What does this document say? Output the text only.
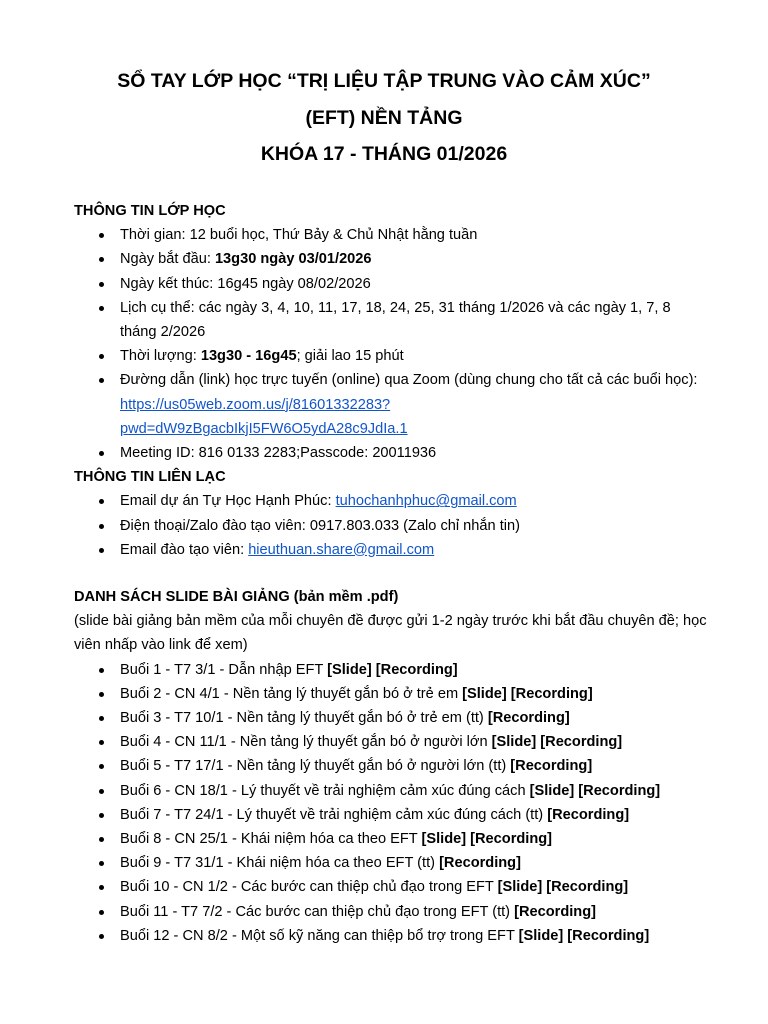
SỔ TAY LỚP HỌC “TRỊ LIỆU TẬP TRUNG VÀO CẢM XÚC”
(EFT) NỀN TẢNG
KHÓA 17 - THÁNG 01/2026
THÔNG TIN LỚP HỌC
Thời gian: 12 buổi học, Thứ Bảy & Chủ Nhật hằng tuần
Ngày bắt đầu: 13g30 ngày 03/01/2026
Ngày kết thúc: 16g45 ngày 08/02/2026
Lịch cụ thể: các ngày 3, 4, 10, 11, 17, 18, 24, 25, 31 tháng 1/2026 và các ngày 1, 7, 8 tháng 2/2026
Thời lượng: 13g30 - 16g45; giải lao 15 phút
Đường dẫn (link) học trực tuyến (online) qua Zoom (dùng chung cho tất cả các buổi học): https://us05web.zoom.us/j/81601332283?
pwd=dW9zBgacbIkjI5FW6O5ydA28c9JdIa.1
Meeting ID: 816 0133 2283;Passcode: 20011936
THÔNG TIN LIÊN LẠC
Email dự án Tự Học Hạnh Phúc: tuhochanhphuc@gmail.com
Điện thoại/Zalo đào tạo viên: 0917.803.033 (Zalo chỉ nhắn tin)
Email đào tạo viên: hieuthuan.share@gmail.com
DANH SÁCH SLIDE BÀI GIẢNG (bản mềm .pdf)
(slide bài giảng bản mềm của mỗi chuyên đề được gửi 1-2 ngày trước khi bắt đầu chuyên đề; học viên nhấp vào link để xem)
Buổi 1 - T7 3/1 - Dẫn nhập EFT [Slide] [Recording]
Buổi 2 - CN 4/1 - Nền tảng lý thuyết gắn bó ở trẻ em [Slide] [Recording]
Buổi 3 - T7 10/1 - Nền tảng lý thuyết gắn bó ở trẻ em (tt) [Recording]
Buổi 4 - CN 11/1 - Nền tảng lý thuyết gắn bó ở người lớn [Slide] [Recording]
Buổi 5 - T7 17/1 - Nền tảng lý thuyết gắn bó ở người lớn (tt) [Recording]
Buổi 6 - CN 18/1 - Lý thuyết về trải nghiệm cảm xúc đúng cách [Slide] [Recording]
Buổi 7 - T7 24/1 - Lý thuyết về trải nghiệm cảm xúc đúng cách (tt) [Recording]
Buổi 8 - CN 25/1 - Khái niệm hóa ca theo EFT [Slide] [Recording]
Buổi 9 - T7 31/1 - Khái niệm hóa ca theo EFT (tt) [Recording]
Buổi 10 - CN 1/2 - Các bước can thiệp chủ đạo trong EFT [Slide] [Recording]
Buổi 11 - T7 7/2 - Các bước can thiệp chủ đạo trong EFT (tt) [Recording]
Buổi 12 - CN 8/2 - Một số kỹ năng can thiệp bổ trợ trong EFT [Slide] [Recording]
